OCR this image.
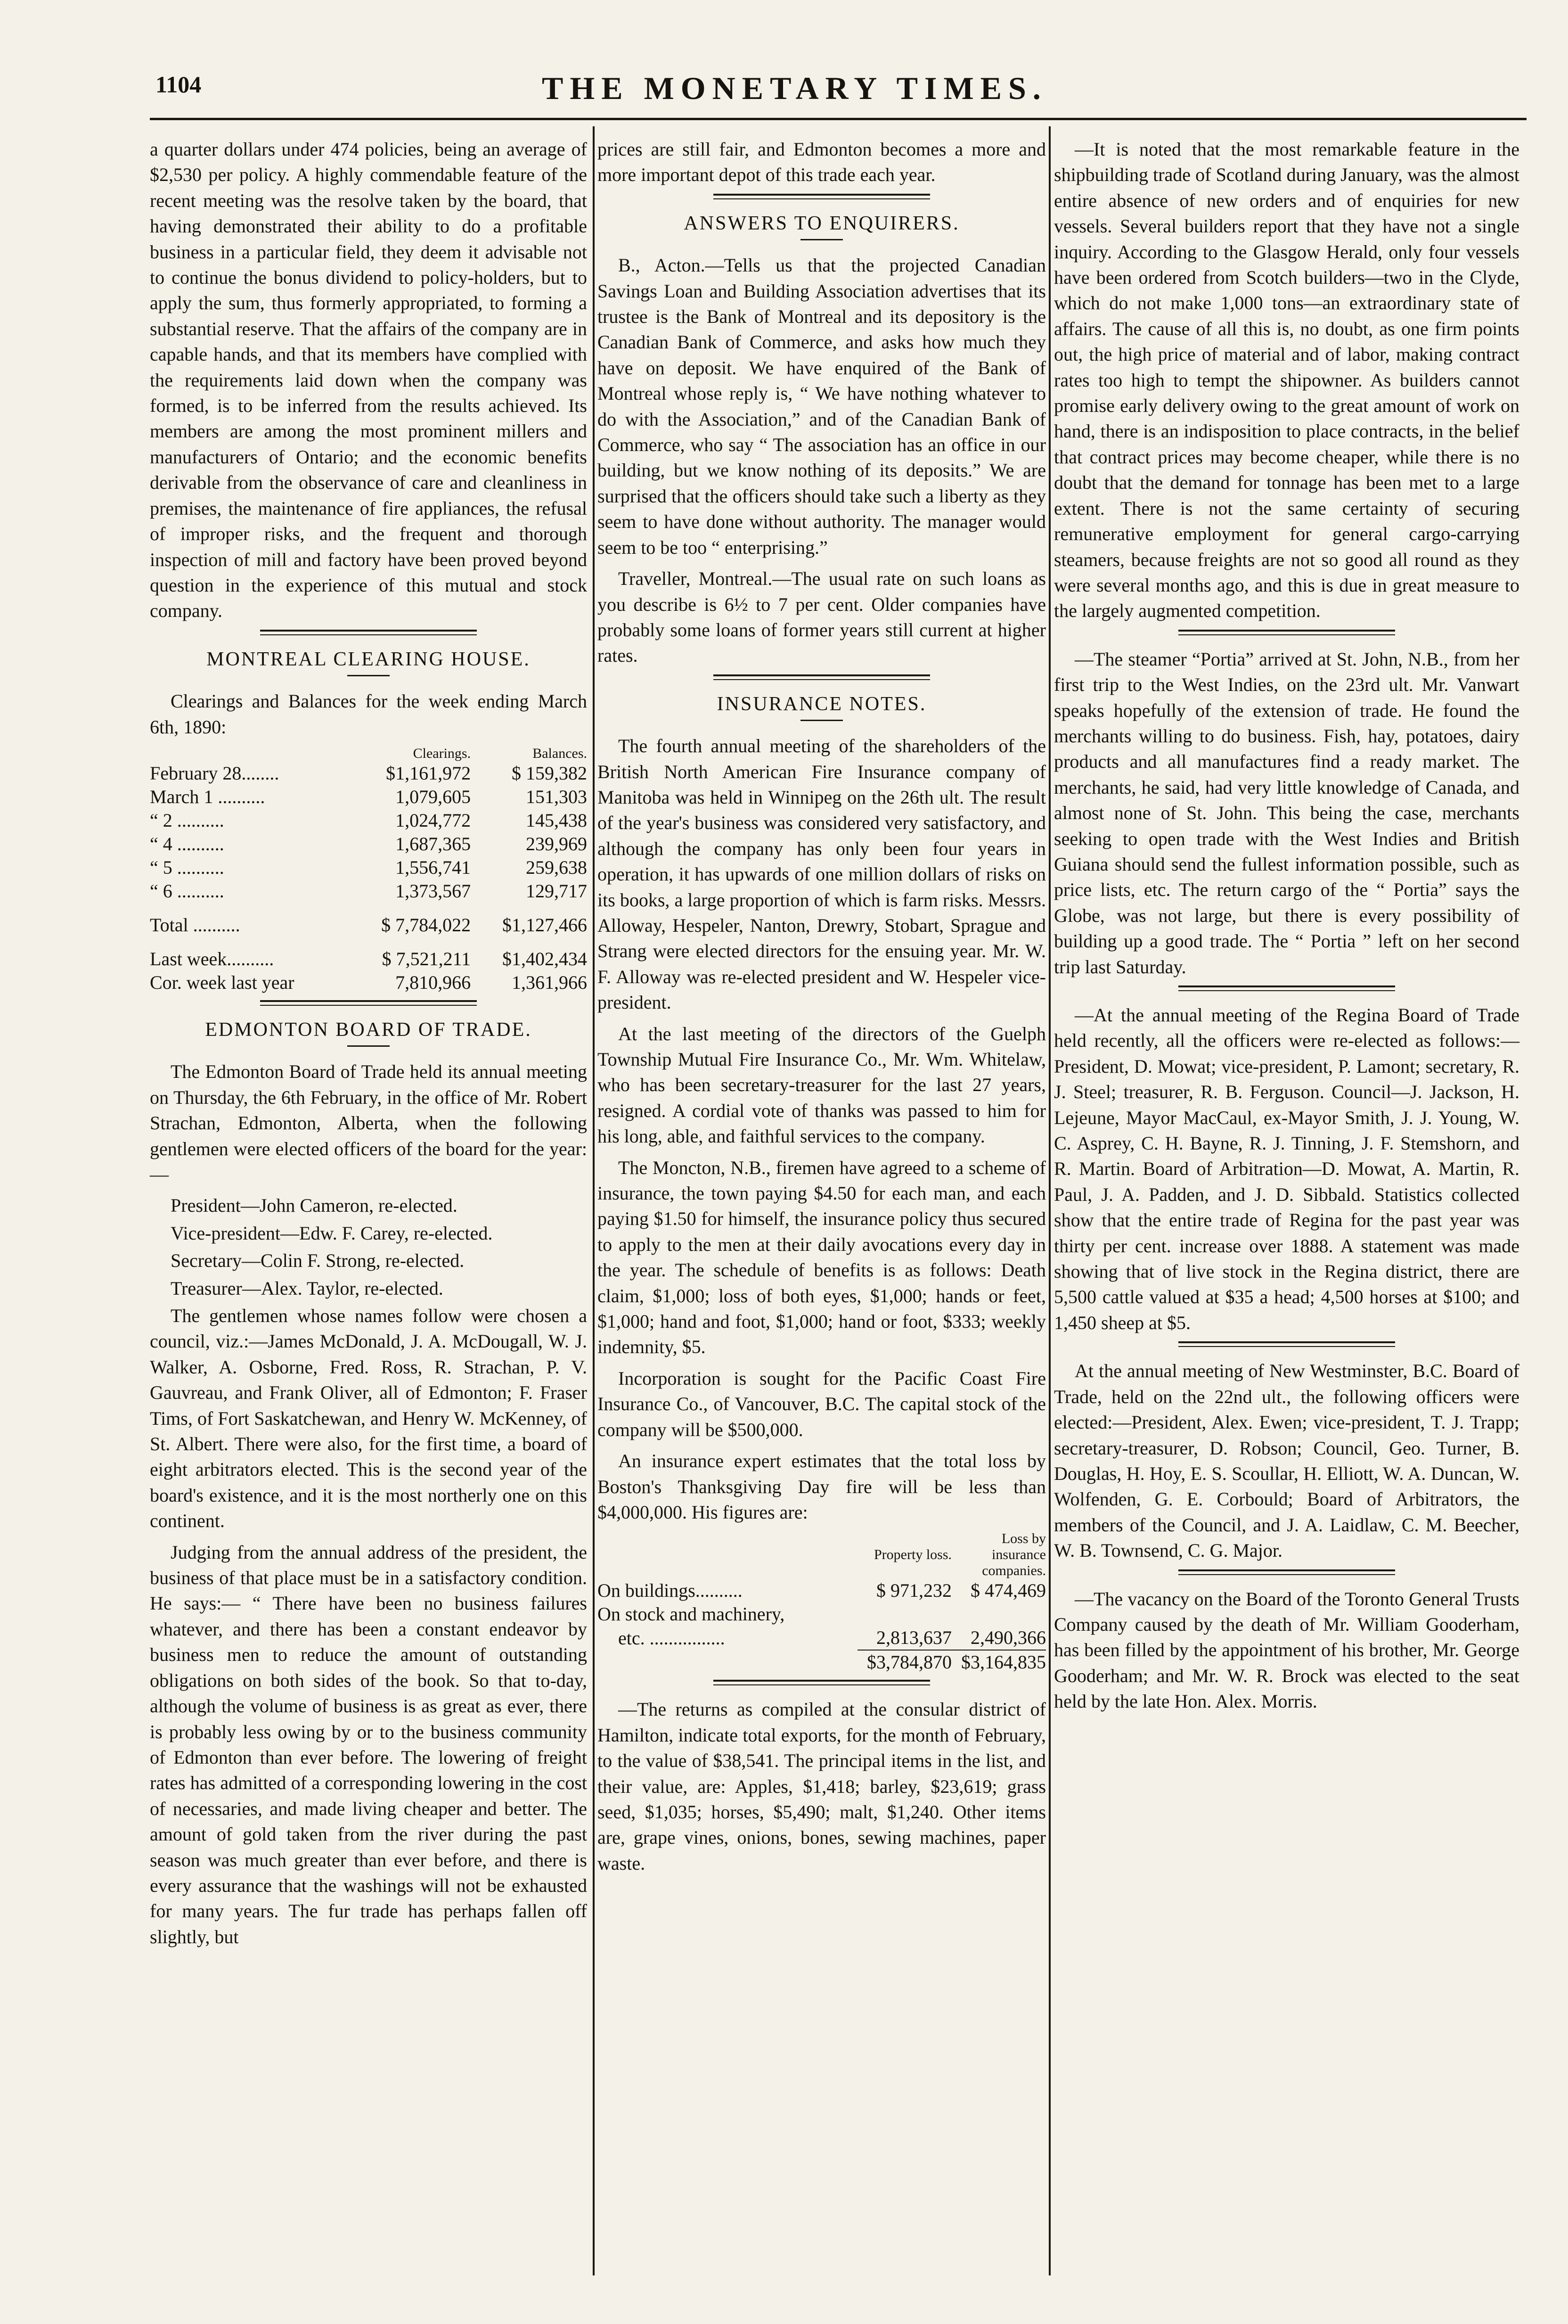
1104	THE MONETARY TIMES.

a quarter dollars under 474 policies, being an average of $2,530 per policy. A highly commendable feature of the recent meeting was the resolve taken by the board, that having demonstrated their ability to do a profitable business in a particular field, they deem it advisable not to continue the bonus dividend to policy-holders, but to apply the sum, thus formerly appropriated, to forming a substantial reserve. That the affairs of the company are in capable hands, and that its members have complied with the requirements laid down when the company was formed, is to be inferred from the results achieved. Its members are among the most prominent millers and manufacturers of Ontario; and the economic benefits derivable from the observance of care and cleanliness in premises, the maintenance of fire appliances, the refusal of improper risks, and the frequent and thorough inspection of mill and factory have been proved beyond question in the experience of this mutual and stock company.

MONTREAL CLEARING HOUSE.

Clearings and Balances for the week ending March 6th, 1890:

	Clearings.	Balances.
February 28........	$1,161,972	$ 159,382
March 1 ..........	1,079,605	151,303
“ 2 ..........	1,024,772	145,438
“ 4 ..........	1,687,365	239,969
“ 5 ..........	1,556,741	259,638
“ 6 ..........	1,373,567	129,717

Total ..........	$ 7,784,022	$1,127,466

Last week..........	$ 7,521,211	$1,402,434
Cor. week last year	7,810,966	1,361,966
EDMONTON BOARD OF TRADE.

The Edmonton Board of Trade held its annual meeting on Thursday, the 6th February, in the office of Mr. Robert Strachan, Edmonton, Alberta, when the following gentlemen were elected officers of the board for the year:—

President—John Cameron, re-elected.

Vice-president—Edw. F. Carey, re-elected.

Secretary—Colin F. Strong, re-elected.

Treasurer—Alex. Taylor, re-elected.

The gentlemen whose names follow were chosen a council, viz.:—James McDonald, J. A. McDougall, W. J. Walker, A. Osborne, Fred. Ross, R. Strachan, P. V. Gauvreau, and Frank Oliver, all of Edmonton; F. Fraser Tims, of Fort Saskatchewan, and Henry W. McKenney, of St. Albert. There were also, for the first time, a board of eight arbitrators elected. This is the second year of the board's existence, and it is the most northerly one on this continent.

Judging from the annual address of the president, the business of that place must be in a satisfactory condition. He says:— “ There have been no business failures whatever, and there has been a constant endeavor by business men to reduce the amount of outstanding obligations on both sides of the book. So that to-day, although the volume of business is as great as ever, there is probably less owing by or to the business community of Edmonton than ever before. The lowering of freight rates has admitted of a corresponding lowering in the cost of necessaries, and made living cheaper and better. The amount of gold taken from the river during the past season was much greater than ever before, and there is every assurance that the washings will not be exhausted for many years. The fur trade has perhaps fallen off slightly, but

prices are still fair, and Edmonton becomes a more and more important depot of this trade each year.

ANSWERS TO ENQUIRERS.

B., Acton.—Tells us that the projected Canadian Savings Loan and Building Association advertises that its trustee is the Bank of Montreal and its depository is the Canadian Bank of Commerce, and asks how much they have on deposit. We have enquired of the Bank of Montreal whose reply is, “ We have nothing whatever to do with the Association,” and of the Canadian Bank of Commerce, who say “ The association has an office in our building, but we know nothing of its deposits.” We are surprised that the officers should take such a liberty as they seem to have done without authority. The manager would seem to be too “ enterprising.”

Traveller, Montreal.—The usual rate on such loans as you describe is 6½ to 7 per cent. Older companies have probably some loans of former years still current at higher rates.

INSURANCE NOTES.

The fourth annual meeting of the shareholders of the British North American Fire Insurance company of Manitoba was held in Winnipeg on the 26th ult. The result of the year's business was considered very satisfactory, and although the company has only been four years in operation, it has upwards of one million dollars of risks on its books, a large proportion of which is farm risks. Messrs. Alloway, Hespeler, Nanton, Drewry, Stobart, Sprague and Strang were elected directors for the ensuing year. Mr. W. F. Alloway was re-elected president and W. Hespeler vice-president.

At the last meeting of the directors of the Guelph Township Mutual Fire Insurance Co., Mr. Wm. Whitelaw, who has been secretary-treasurer for the last 27 years, resigned. A cordial vote of thanks was passed to him for his long, able, and faithful services to the company.

The Moncton, N.B., firemen have agreed to a scheme of insurance, the town paying $4.50 for each man, and each paying $1.50 for himself, the insurance policy thus secured to apply to the men at their daily avocations every day in the year. The schedule of benefits is as follows: Death claim, $1,000; loss of both eyes, $1,000; hands or feet, $1,000; hand and foot, $1,000; hand or foot, $333; weekly indemnity, $5.

Incorporation is sought for the Pacific Coast Fire Insurance Co., of Vancouver, B.C. The capital stock of the company will be $500,000.

An insurance expert estimates that the total loss by Boston's Thanksgiving Day fire will be less than $4,000,000. His figures are:

	Property loss.	Loss by insurance companies.
On buildings..........	$ 971,232	$ 474,469
On stock and machinery,		
etc. ................	2,813,637	2,490,366
	$3,784,870	$3,164,835

—The returns as compiled at the consular district of Hamilton, indicate total exports, for the month of February, to the value of $38,541. The principal items in the list, and their value, are: Apples, $1,418; barley, $23,619; grass seed, $1,035; horses, $5,490; malt, $1,240. Other items are, grape vines, onions, bones, sewing machines, paper waste.

—It is noted that the most remarkable feature in the shipbuilding trade of Scotland during January, was the almost entire absence of new orders and of enquiries for new vessels. Several builders report that they have not a single inquiry. According to the Glasgow Herald, only four vessels have been ordered from Scotch builders—two in the Clyde, which do not make 1,000 tons—an extraordinary state of affairs. The cause of all this is, no doubt, as one firm points out, the high price of material and of labor, making contract rates too high to tempt the shipowner. As builders cannot promise early delivery owing to the great amount of work on hand, there is an indisposition to place contracts, in the belief that contract prices may become cheaper, while there is no doubt that the demand for tonnage has been met to a large extent. There is not the same certainty of securing remunerative employment for general cargo-carrying steamers, because freights are not so good all round as they were several months ago, and this is due in great measure to the largely augmented competition.

—The steamer “Portia” arrived at St. John, N.B., from her first trip to the West Indies, on the 23rd ult. Mr. Vanwart speaks hopefully of the extension of trade. He found the merchants willing to do business. Fish, hay, potatoes, dairy products and all manufactures find a ready market. The merchants, he said, had very little knowledge of Canada, and almost none of St. John. This being the case, merchants seeking to open trade with the West Indies and British Guiana should send the fullest information possible, such as price lists, etc. The return cargo of the “ Portia” says the Globe, was not large, but there is every possibility of building up a good trade. The “ Portia ” left on her second trip last Saturday.

—At the annual meeting of the Regina Board of Trade held recently, all the officers were re-elected as follows:—President, D. Mowat; vice-president, P. Lamont; secretary, R. J. Steel; treasurer, R. B. Ferguson. Council—J. Jackson, H. Lejeune, Mayor MacCaul, ex-Mayor Smith, J. J. Young, W. C. Asprey, C. H. Bayne, R. J. Tinning, J. F. Stemshorn, and R. Martin. Board of Arbitration—D. Mowat, A. Martin, R. Paul, J. A. Padden, and J. D. Sibbald. Statistics collected show that the entire trade of Regina for the past year was thirty per cent. increase over 1888. A statement was made showing that of live stock in the Regina district, there are 5,500 cattle valued at $35 a head; 4,500 horses at $100; and 1,450 sheep at $5.

At the annual meeting of New Westminster, B.C. Board of Trade, held on the 22nd ult., the following officers were elected:—President, Alex. Ewen; vice-president, T. J. Trapp; secretary-treasurer, D. Robson; Council, Geo. Turner, B. Douglas, H. Hoy, E. S. Scoullar, H. Elliott, W. A. Duncan, W. Wolfenden, G. E. Corbould; Board of Arbitrators, the members of the Council, and J. A. Laidlaw, C. M. Beecher, W. B. Townsend, C. G. Major.

—The vacancy on the Board of the Toronto General Trusts Company caused by the death of Mr. William Gooderham, has been filled by the appointment of his brother, Mr. George Gooderham; and Mr. W. R. Brock was elected to the seat held by the late Hon. Alex. Morris.
